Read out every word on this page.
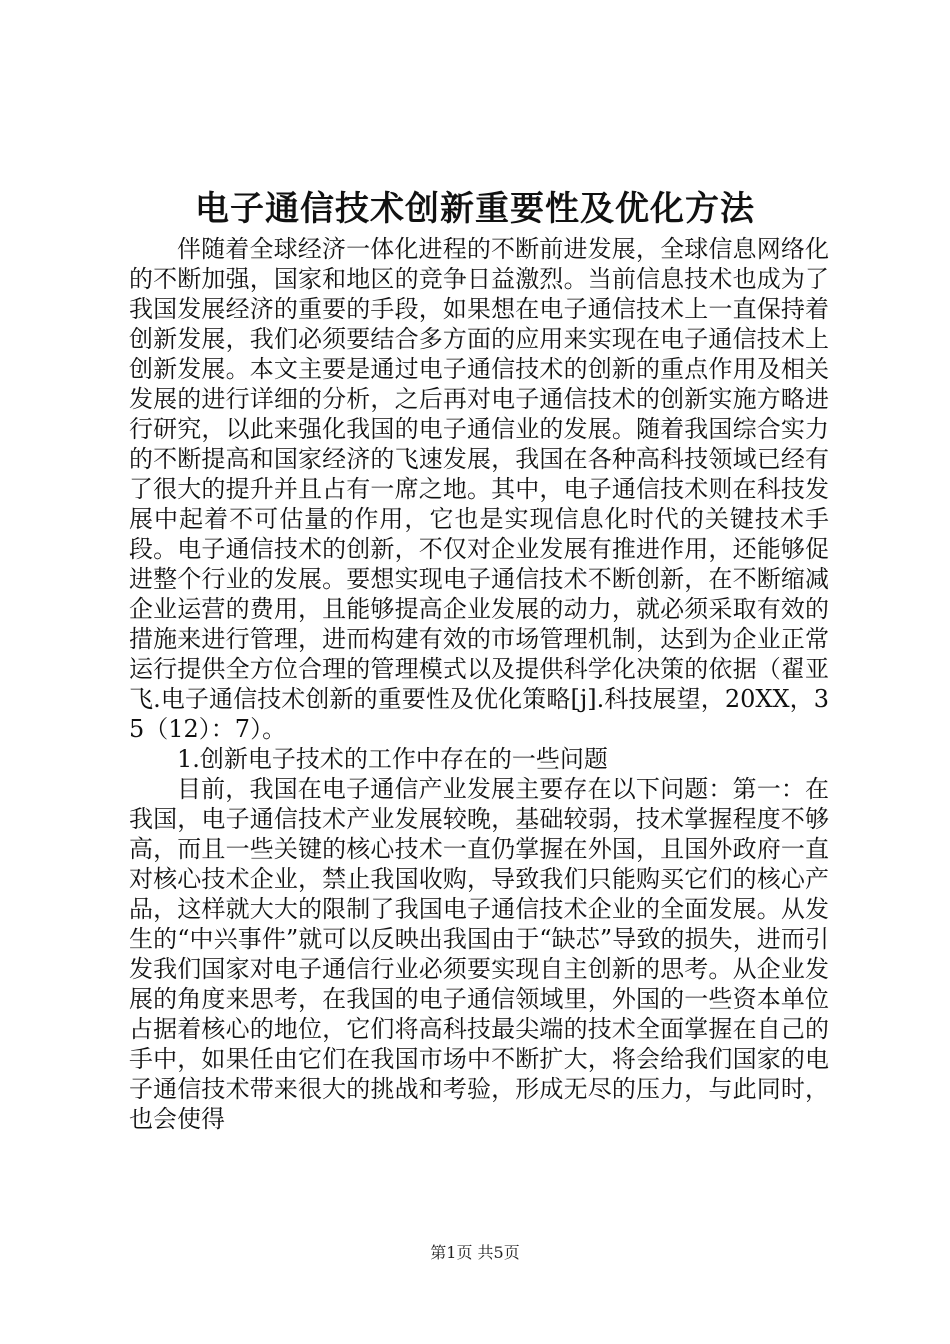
电子通信技术创新重要性及优化方法

伴随着全球经济一体化进程的不断前进发展，全球信息网络化的不断加强，国家和地区的竞争日益激烈。当前信息技术也成为了我国发展经济的重要的手段，如果想在电子通信技术上一直保持着创新发展，我们必须要结合多方面的应用来实现在电子通信技术上创新发展。本文主要是通过电子通信技术的创新的重点作用及相关发展的进行详细的分析，之后再对电子通信技术的创新实施方略进行研究，以此来强化我国的电子通信业的发展。随着我国综合实力的不断提高和国家经济的飞速发展，我国在各种高科技领域已经有了很大的提升并且占有一席之地。其中，电子通信技术则在科技发展中起着不可估量的作用，它也是实现信息化时代的关键技术手段。电子通信技术的创新，不仅对企业发展有推进作用，还能够促进整个行业的发展。要想实现电子通信技术不断创新，在不断缩减企业运营的费用，且能够提高企业发展的动力，就必须采取有效的措施来进行管理，进而构建有效的市场管理机制，达到为企业正常运行提供全方位合理的管理模式以及提供科学化决策的依据（翟亚飞.电子通信技术创新的重要性及优化策略[j].科技展望，20XX，35（12）：7）。

1.创新电子技术的工作中存在的一些问题

目前，我国在电子通信产业发展主要存在以下问题：第一：在我国，电子通信技术产业发展较晚，基础较弱，技术掌握程度不够高，而且一些关键的核心技术一直仍掌握在外国，且国外政府一直对核心技术企业，禁止我国收购，导致我们只能购买它们的核心产品，这样就大大的限制了我国电子通信技术企业的全面发展。从发生的“中兴事件”就可以反映出我国由于“缺芯”导致的损失，进而引发我们国家对电子通信行业必须要实现自主创新的思考。从企业发展的角度来思考，在我国的电子通信领域里，外国的一些资本单位占据着核心的地位，它们将高科技最尖端的技术全面掌握在自己的手中，如果任由它们在我国市场中不断扩大，将会给我们国家的电子通信技术带来很大的挑战和考验，形成无尽的压力，与此同时，也会使得

第1页 共5页
